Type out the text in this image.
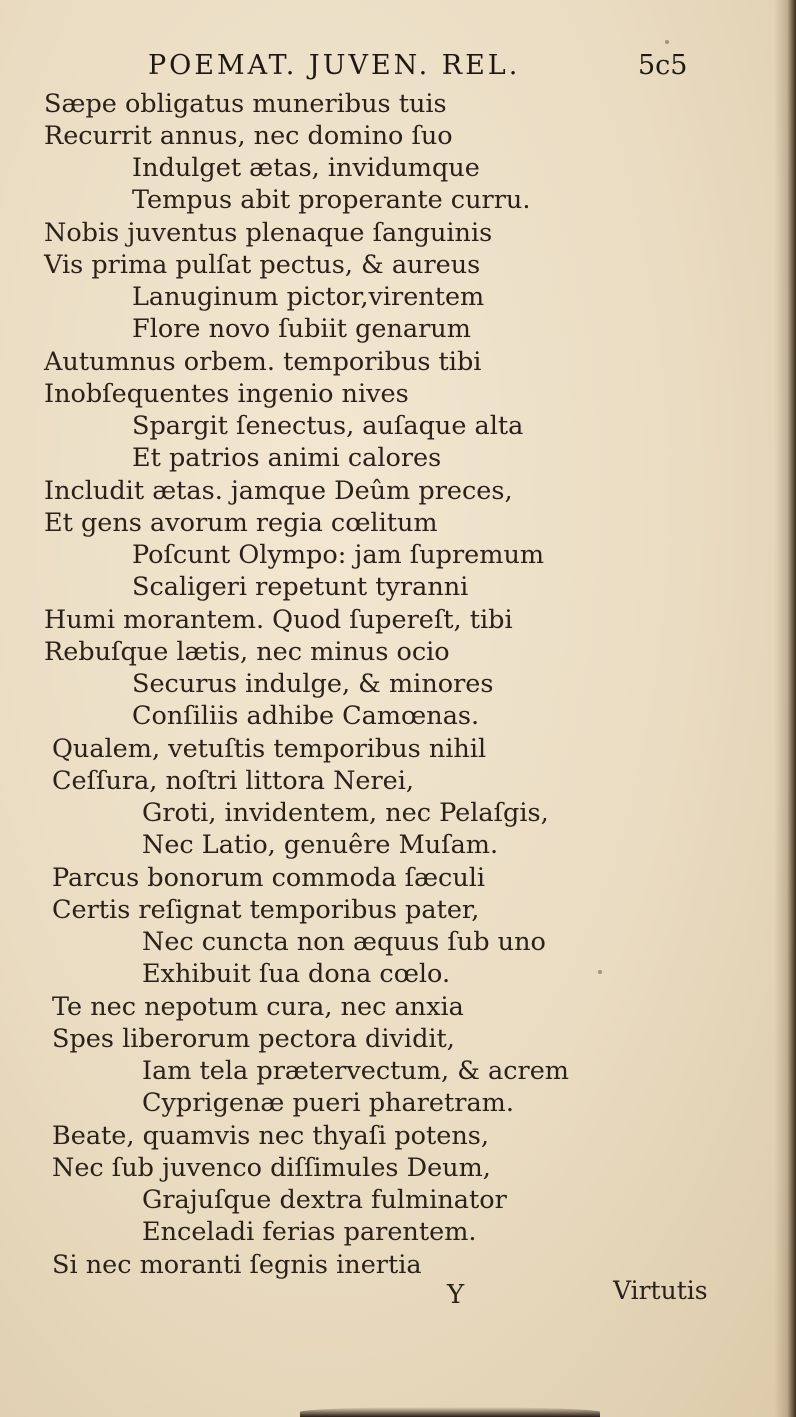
POEMAT. JUVEN. REL.	5c5
Sæpe obligatus muneribus tuis
Recurrit annus, nec domino ſuo
Indulget ætas, invidumque
Tempus abit properante curru.
Nobis juventus plenaque ſanguinis
Vis prima pulſat pectus, & aureus
Lanuginum pictor,virentem
Flore novo ſubiit genarum
Autumnus orbem. temporibus tibi
Inobſequentes ingenio nives
Spargit ſenectus, auſaque alta
Et patrios animi calores
Includit ætas. jamque Deûm preces,
Et gens avorum regia cœlitum
Poſcunt Olympo: jam ſupremum
Scaligeri repetunt tyranni
Humi morantem. Quod ſupereſt, tibi
Rebuſque lætis, nec minus ocio
Securus indulge, & minores
Conſiliis adhibe Camœnas.
Qualem, vetuſtis temporibus nihil
Ceſſura, noſtri littora Nerei,
Groti, invidentem, nec Pelaſgis,
Nec Latio, genuêre Muſam.
Parcus bonorum commoda ſæculi
Certis reſignat temporibus pater,
Nec cuncta non æquus ſub uno
Exhibuit ſua dona cœlo.
Te nec nepotum cura, nec anxia
Spes liberorum pectora dividit,
Iam tela prætervectum, & acrem
Cyprigenæ pueri pharetram.
Beate, quamvis nec thyaſi potens,
Nec ſub juvenco diſſimules Deum,
Grajuſque dextra fulminator
Enceladi ferias parentem.
Si nec moranti ſegnis inertia
Y	Virtutis
